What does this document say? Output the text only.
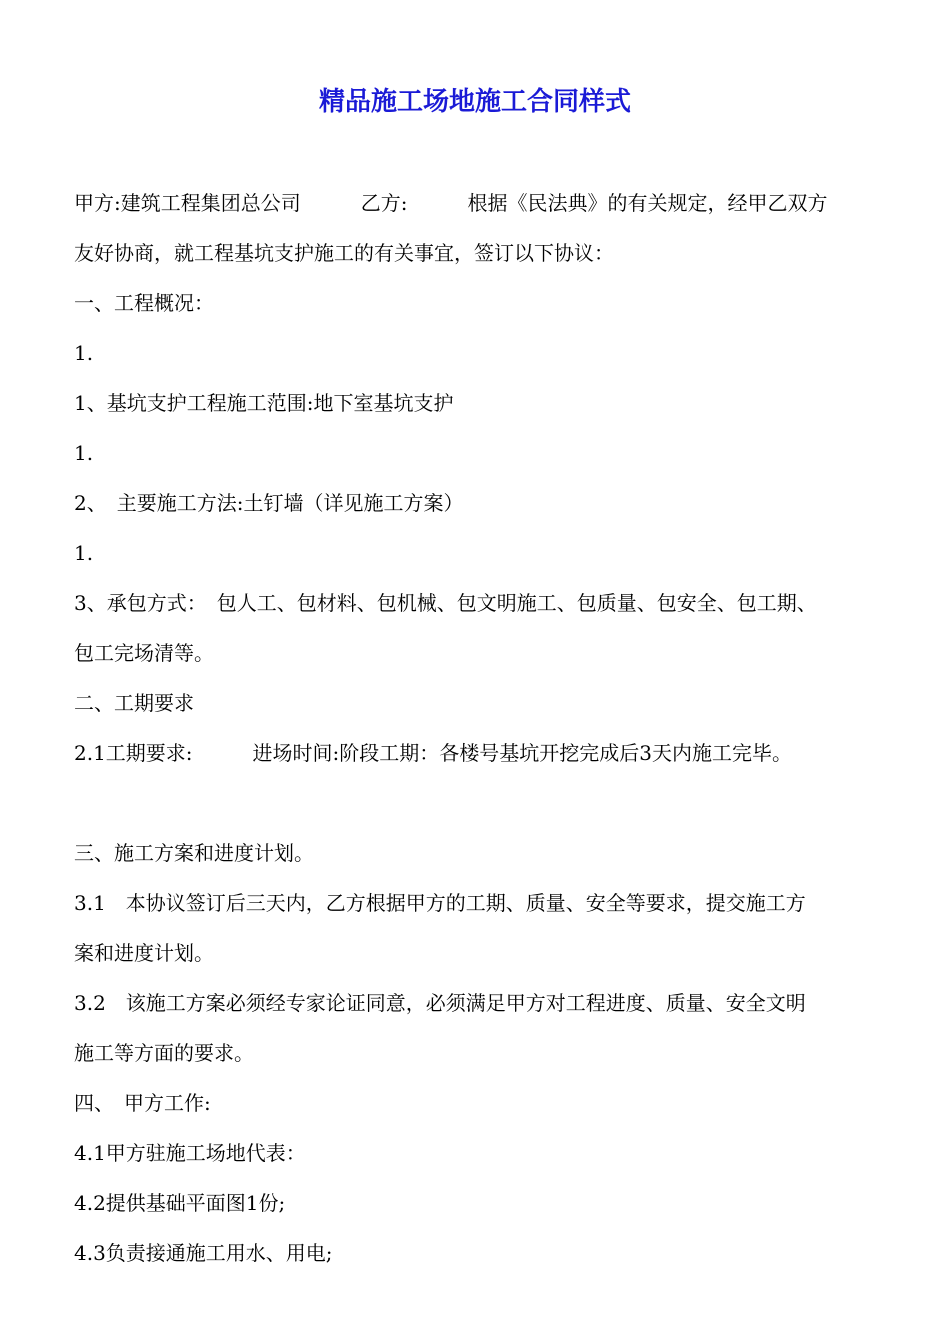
精品施工场地施工合同样式

甲方:建筑工程集团总公司　　　乙方:　　　根据《民法典》的有关规定，经甲乙双方

友好协商，就工程基坑支护施工的有关事宜，签订以下协议：

一、工程概况：

1.

1、基坑支护工程施工范围:地下室基坑支护

1.

2、　主要施工方法:土钉墙（详见施工方案）

1.

3、承包方式：　包人工、包材料、包机械、包文明施工、包质量、包安全、包工期、

包工完场清等。

二、工期要求

2.1工期要求:　　　进场时间:阶段工期：各楼号基坑开挖完成后3天内施工完毕。

三、施工方案和进度计划。

3.1　本协议签订后三天内，乙方根据甲方的工期、质量、安全等要求，提交施工方

案和进度计划。

3.2　该施工方案必须经专家论证同意，必须满足甲方对工程进度、质量、安全文明

施工等方面的要求。

四、　甲方工作:

4.1甲方驻施工场地代表：

4.2提供基础平面图1份;

4.3负责接通施工用水、用电;
